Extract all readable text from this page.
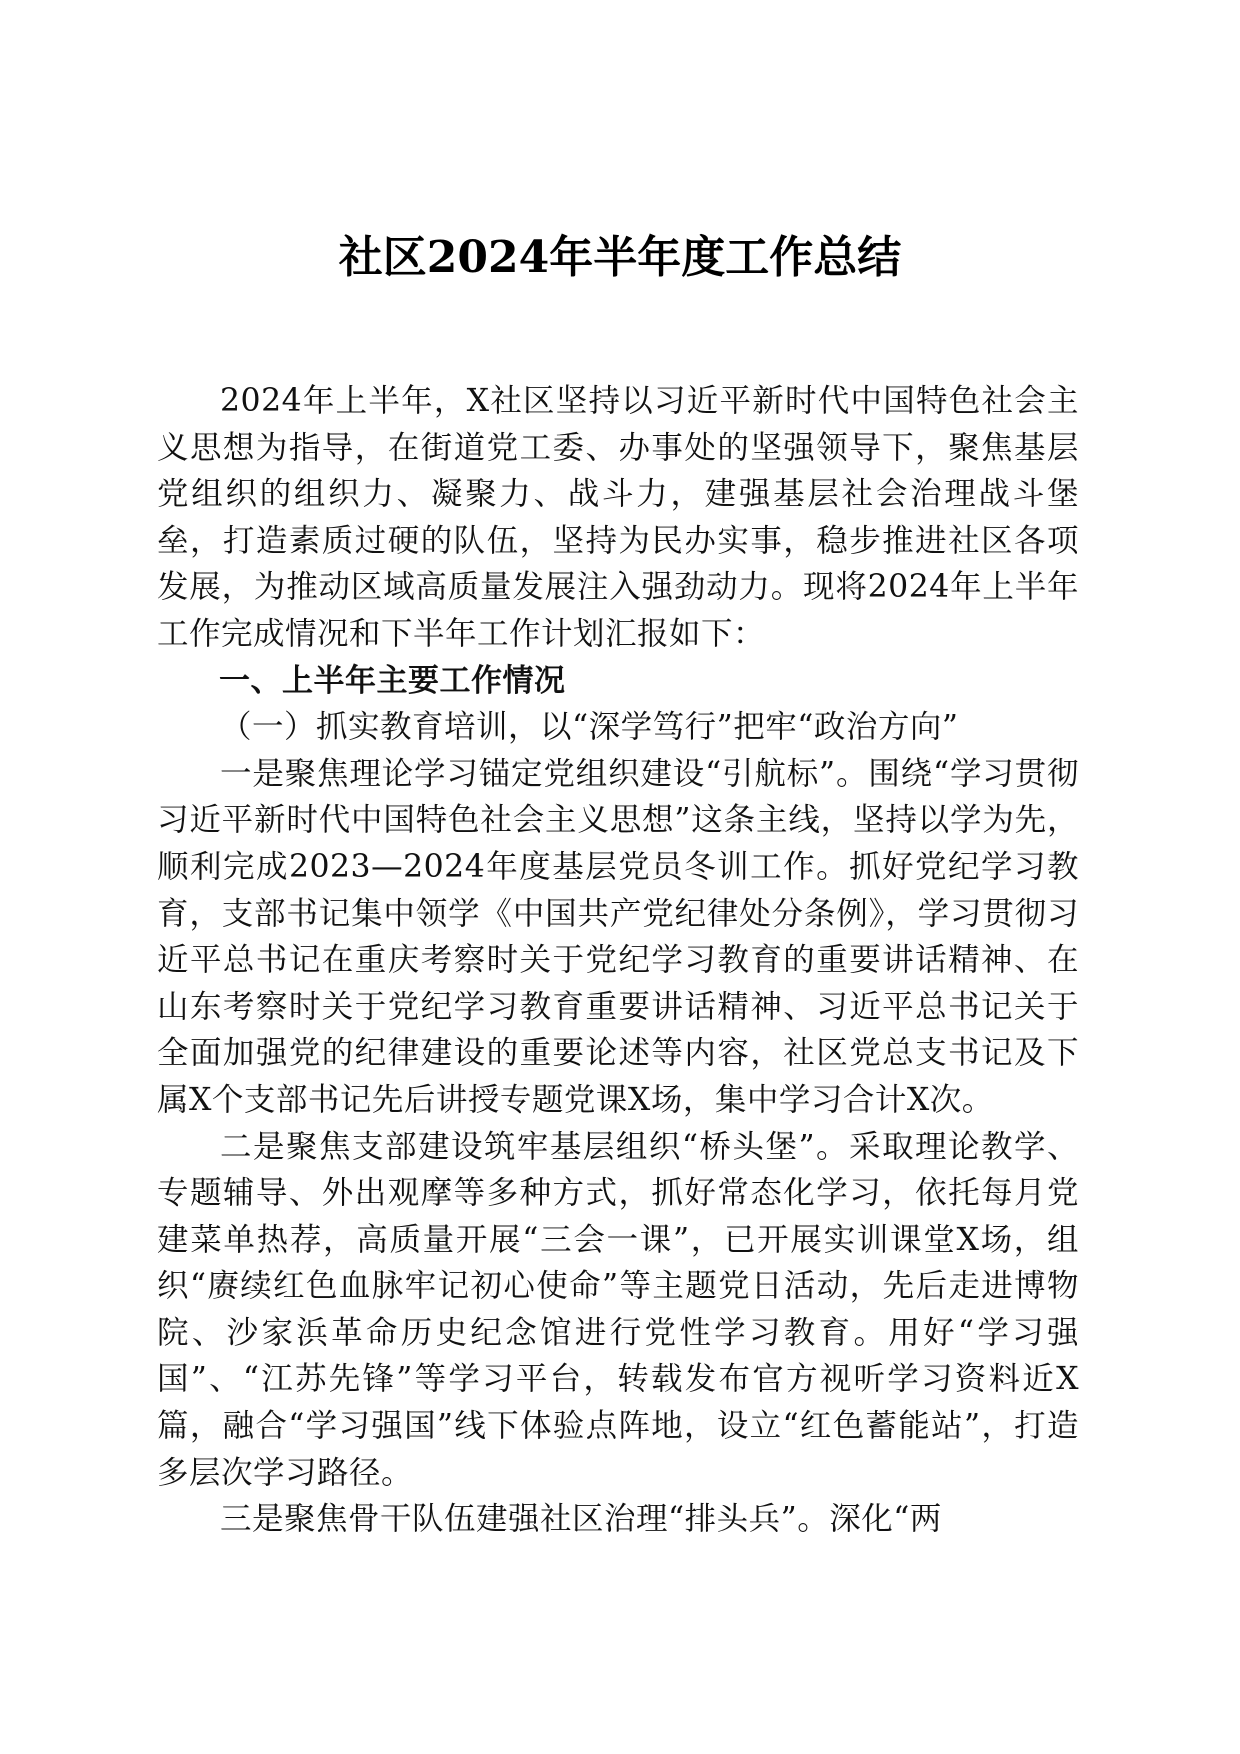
社区2024年半年度工作总结

2024年上半年，X社区坚持以习近平新时代中国特色社会主义思想为指导，在街道党工委、办事处的坚强领导下，聚焦基层党组织的组织力、凝聚力、战斗力，建强基层社会治理战斗堡垒，打造素质过硬的队伍，坚持为民办实事，稳步推进社区各项发展，为推动区域高质量发展注入强劲动力。现将2024年上半年工作完成情况和下半年工作计划汇报如下：

一、上半年主要工作情况

（一）抓实教育培训，以“深学笃行”把牢“政治方向”

一是聚焦理论学习锚定党组织建设“引航标”。围绕“学习贯彻习近平新时代中国特色社会主义思想”这条主线，坚持以学为先，顺利完成2023—2024年度基层党员冬训工作。抓好党纪学习教育，支部书记集中领学《中国共产党纪律处分条例》，学习贯彻习近平总书记在重庆考察时关于党纪学习教育的重要讲话精神、在山东考察时关于党纪学习教育重要讲话精神、习近平总书记关于全面加强党的纪律建设的重要论述等内容，社区党总支书记及下属X个支部书记先后讲授专题党课X场，集中学习合计X次。

二是聚焦支部建设筑牢基层组织“桥头堡”。采取理论教学、专题辅导、外出观摩等多种方式，抓好常态化学习，依托每月党建菜单热荐，高质量开展“三会一课”，已开展实训课堂X场，组织“赓续红色血脉牢记初心使命”等主题党日活动，先后走进博物院、沙家浜革命历史纪念馆进行党性学习教育。用好“学习强国”、“江苏先锋”等学习平台，转载发布官方视听学习资料近X篇，融合“学习强国”线下体验点阵地，设立“红色蓄能站”，打造多层次学习路径。

三是聚焦骨干队伍建强社区治理“排头兵”。深化“两
